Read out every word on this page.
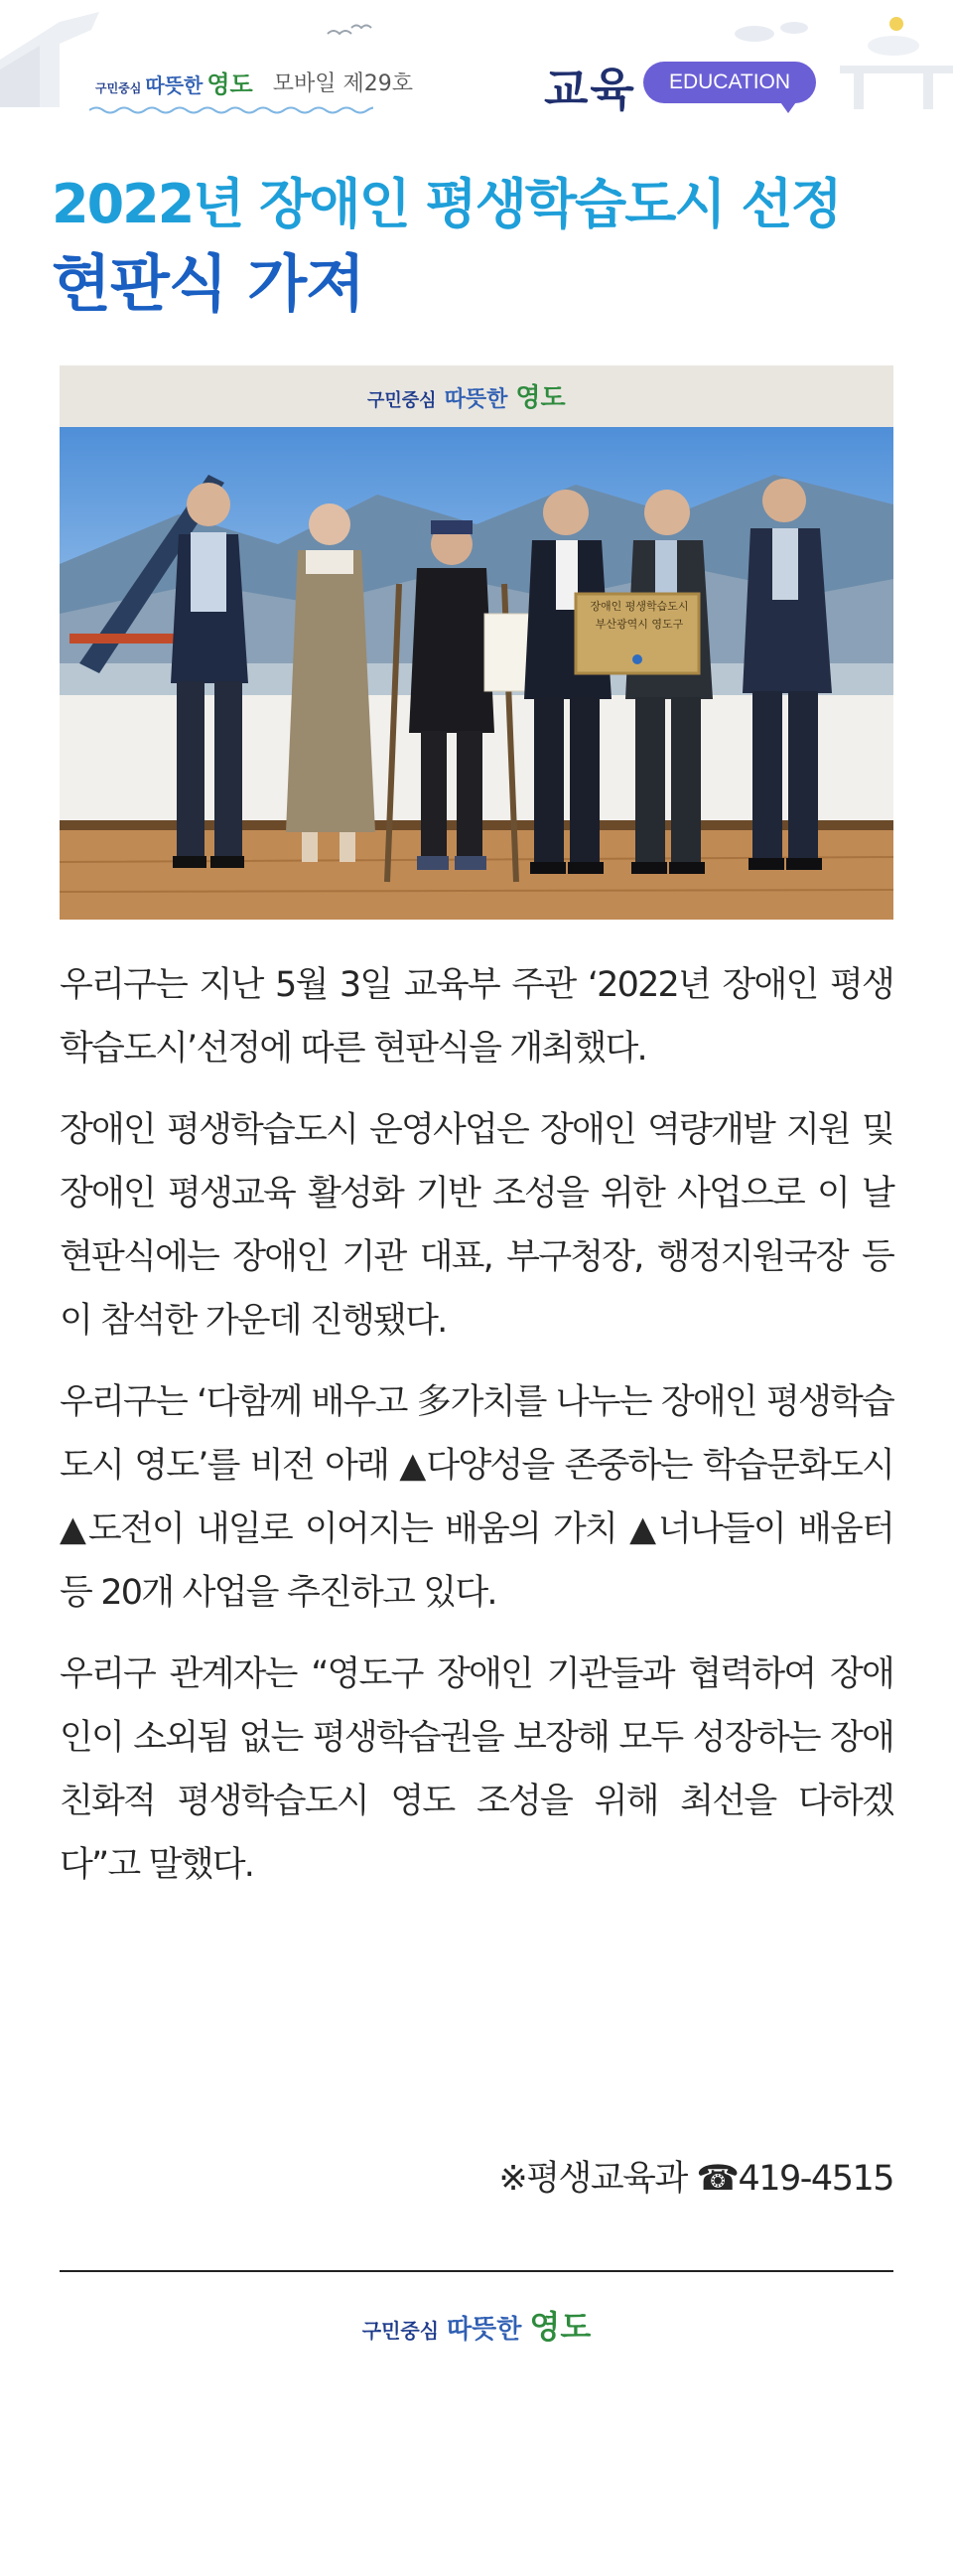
구민중심 따뜻한 영도 모바일 제29호	교육	EDUCATION
2022년 장애인 평생학습도시 선정
현판식 가져
구민중심 따뜻한 영도
장애인 평생학습도시
부산광역시 영도구

우리구는 지난 5월 3일 교육부 주관 ‘2022년 장애인 평생학습도시’선정에 따른 현판식을 개최했다.

장애인 평생학습도시 운영사업은 장애인 역량개발 지원 및 장애인 평생교육 활성화 기반 조성을 위한 사업으로 이 날 현판식에는 장애인 기관 대표, 부구청장, 행정지원국장 등이 참석한 가운데 진행됐다.

우리구는 ‘다함께 배우고 多가치를 나누는 장애인 평생학습도시 영도’를 비전 아래 ▲다양성을 존중하는 학습문화도시 ▲도전이 내일로 이어지는 배움의 가치 ▲너나들이 배움터 등 20개 사업을 추진하고 있다.

우리구 관계자는 “영도구 장애인 기관들과 협력하여 장애인이 소외됨 없는 평생학습권을 보장해 모두 성장하는 장애친화적 평생학습도시 영도 조성을 위해 최선을 다하겠다”고 말했다.

※평생교육과 ☎419-4515
구민중심 따뜻한 영도
